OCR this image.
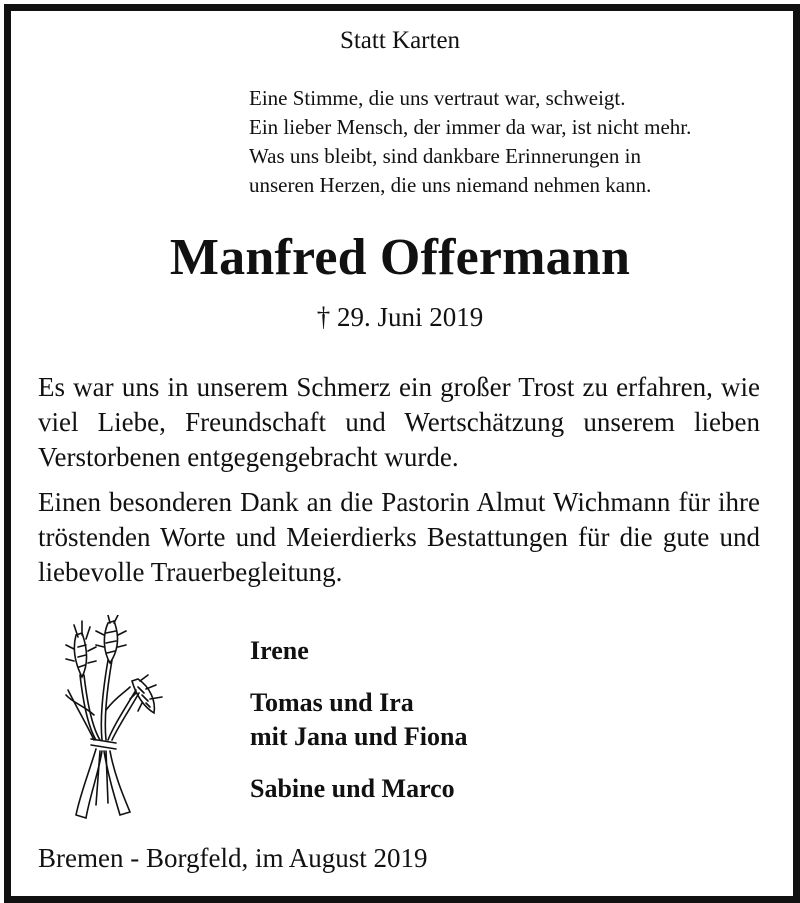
Statt Karten
Eine Stimme, die uns vertraut war, schweigt.
Ein lieber Mensch, der immer da war, ist nicht mehr.
Was uns bleibt, sind dankbare Erinnerungen in
unseren Herzen, die uns niemand nehmen kann.
Manfred Offermann
† 29. Juni 2019

Es war uns in unserem Schmerz ein großer Trost zu erfahren, wie viel Liebe, Freundschaft und Wertschätzung unserem lieben Verstorbenen entgegengebracht wurde.

Einen besonderen Dank an die Pastorin Almut Wichmann für ihre tröstenden Worte und Meierdierks Bestattungen für die gute und liebevolle Trauerbegleitung.

Irene
Tomas und Ira
mit Jana und Fiona
Sabine und Marco
Bremen - Borgfeld, im August 2019
